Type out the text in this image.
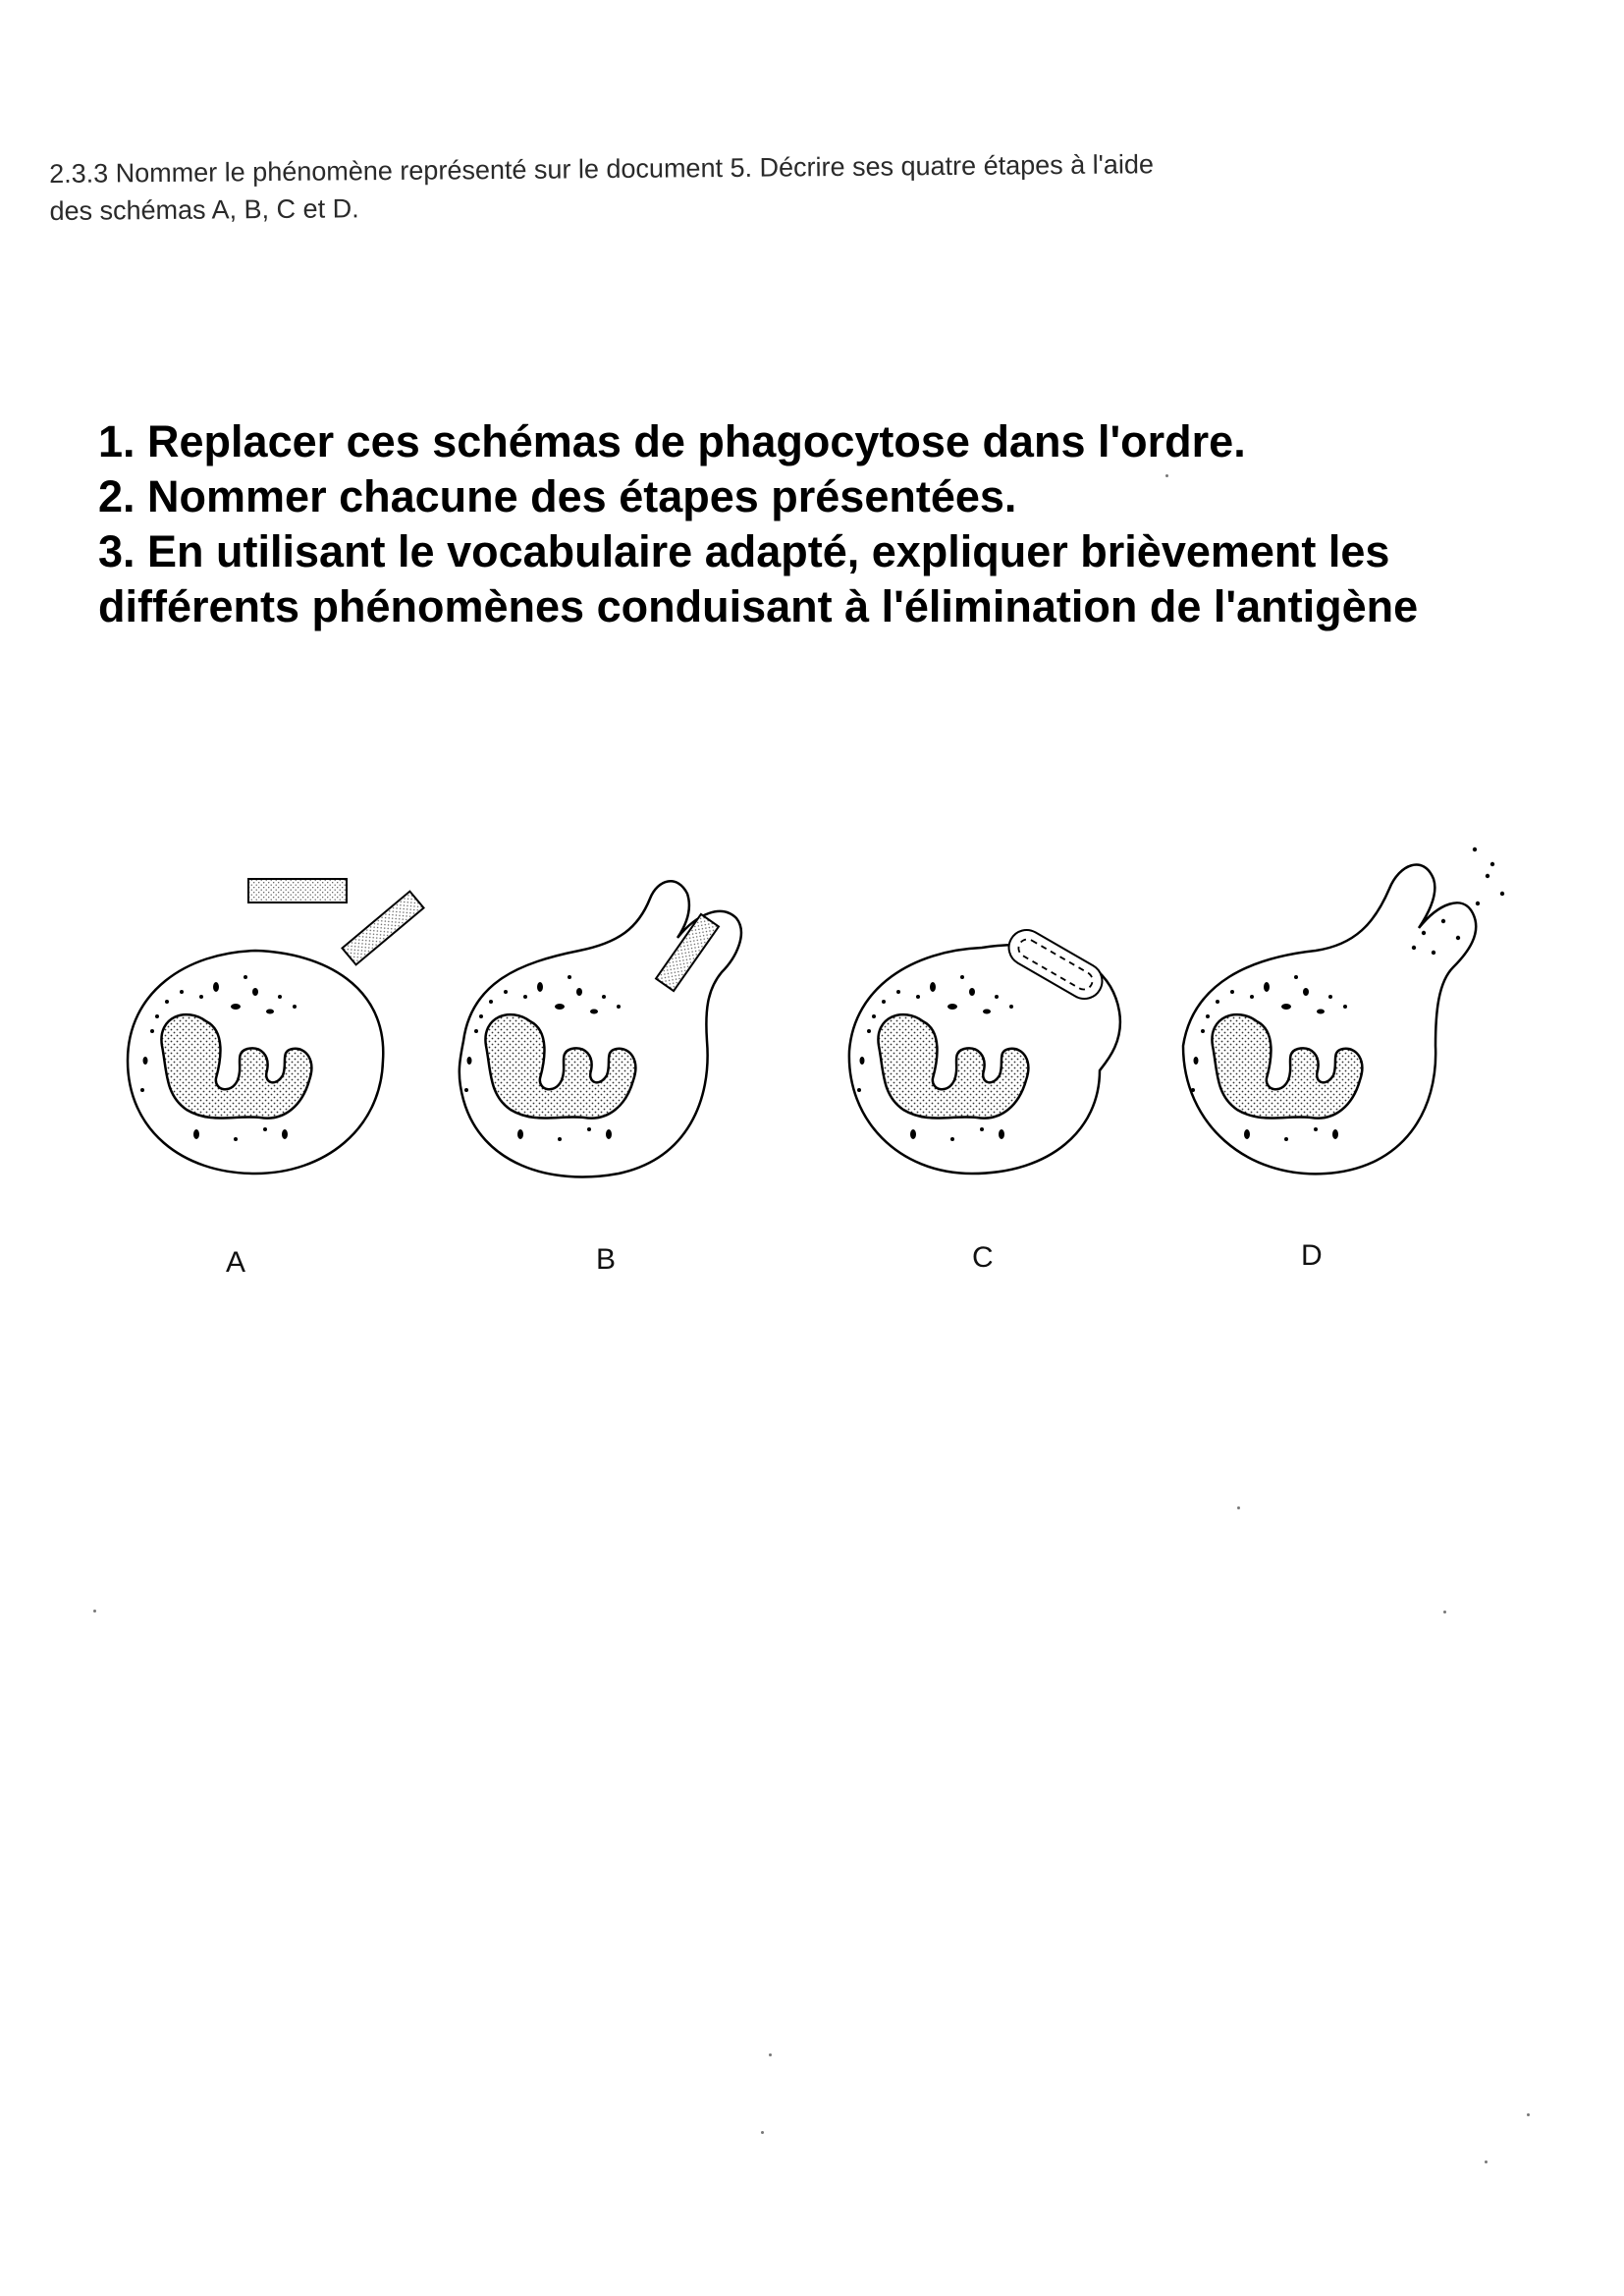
2.3.3 Nommer le phénomène représenté sur le document 5. Décrire ses quatre étapes à l'aide

des schémas A, B, C et D.

1. Replacer ces schémas de phagocytose dans l'ordre.

2. Nommer chacune des étapes présentées.

3. En utilisant le vocabulaire adapté, expliquer brièvement les

différents phénomènes conduisant à l'élimination de l'antigène

A	B	C	D
